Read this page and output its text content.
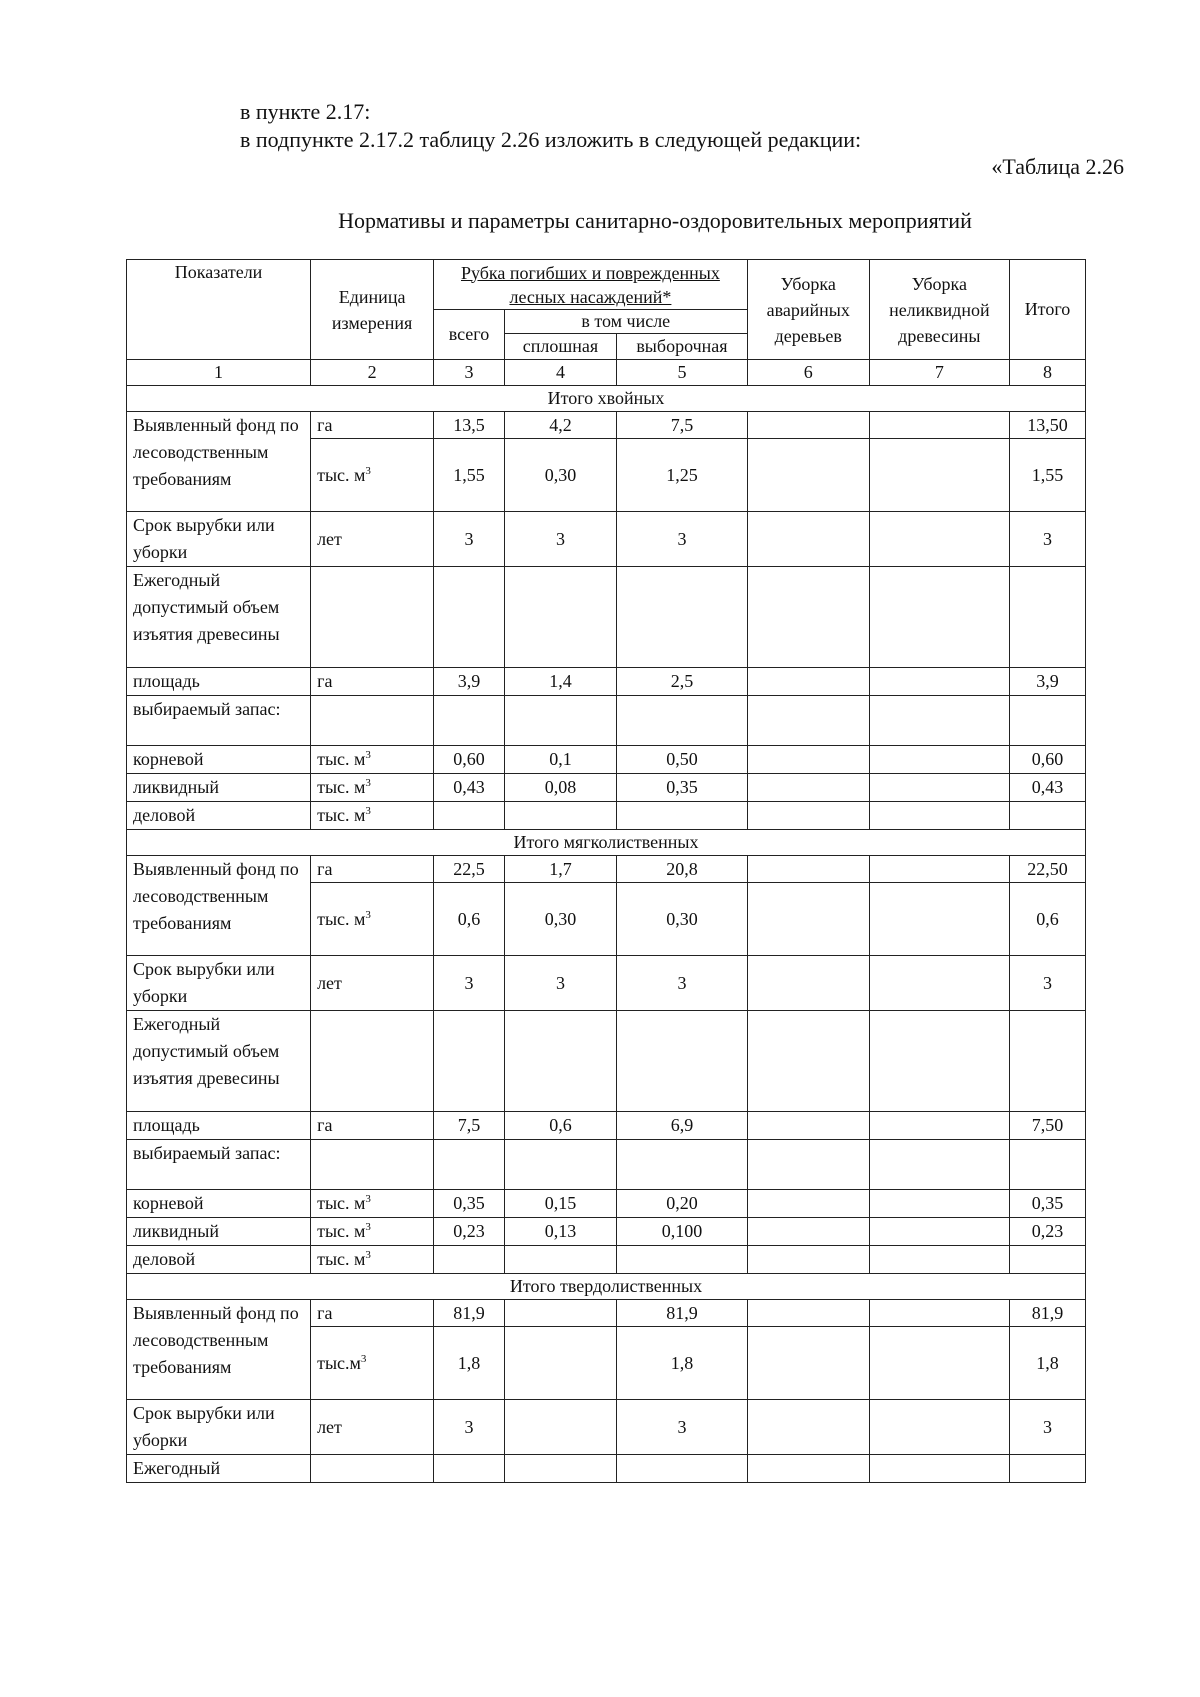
в пункте 2.17:
в подпункте 2.17.2 таблицу 2.26 изложить в следующей редакции:
«Таблица 2.26
Нормативы и параметры санитарно-оздоровительных мероприятий
Показатели	Единица измерения	Рубка погибших и поврежденных лесных насаждений*			Уборка аварийных деревьев	Уборка неликвидной древесины	Итого
		всего	в том числе				
			сплошная	выборочная			
1	2	3	4	5	6	7	8
Итого хвойных							
Выявленный фонд по лесоводственным требованиям	га	13,5	4,2	7,5			13,50
	тыс. $м^3$	1,55	0,30	1,25			1,55
Срок вырубки или уборки	лет	3	3	3			3
Ежегодный допустимый объем изъятия древесины							
площадь	га	3,9	1,4	2,5			3,9
выбираемый запас:							
корневой	тыс. $м^3$	0,60	0,1	0,50			0,60
ликвидный	тыс. $м^3$	0,43	0,08	0,35			0,43
деловой	тыс. $м^3$						
Итого мягколиственных							
Выявленный фонд по лесоводственным требованиям	га	22,5	1,7	20,8			22,50
	тыс. $м^3$	0,6	0,30	0,30			0,6
Срок вырубки или уборки	лет	3	3	3			3
Ежегодный допустимый объем изъятия древесины							
площадь	га	7,5	0,6	6,9			7,50
выбираемый запас:							
корневой	тыс. $м^3$	0,35	0,15	0,20			0,35
ликвидный	тыс. $м^3$	0,23	0,13	0,100			0,23
деловой	тыс. $м^3$						
Итого твердолиственных							
Выявленный фонд по лесоводственным требованиям	га	81,9		81,9			81,9
	$тыс.м^3$	1,8		1,8			1,8
Срок вырубки или уборки	лет	3		3			3
Ежегодный							
